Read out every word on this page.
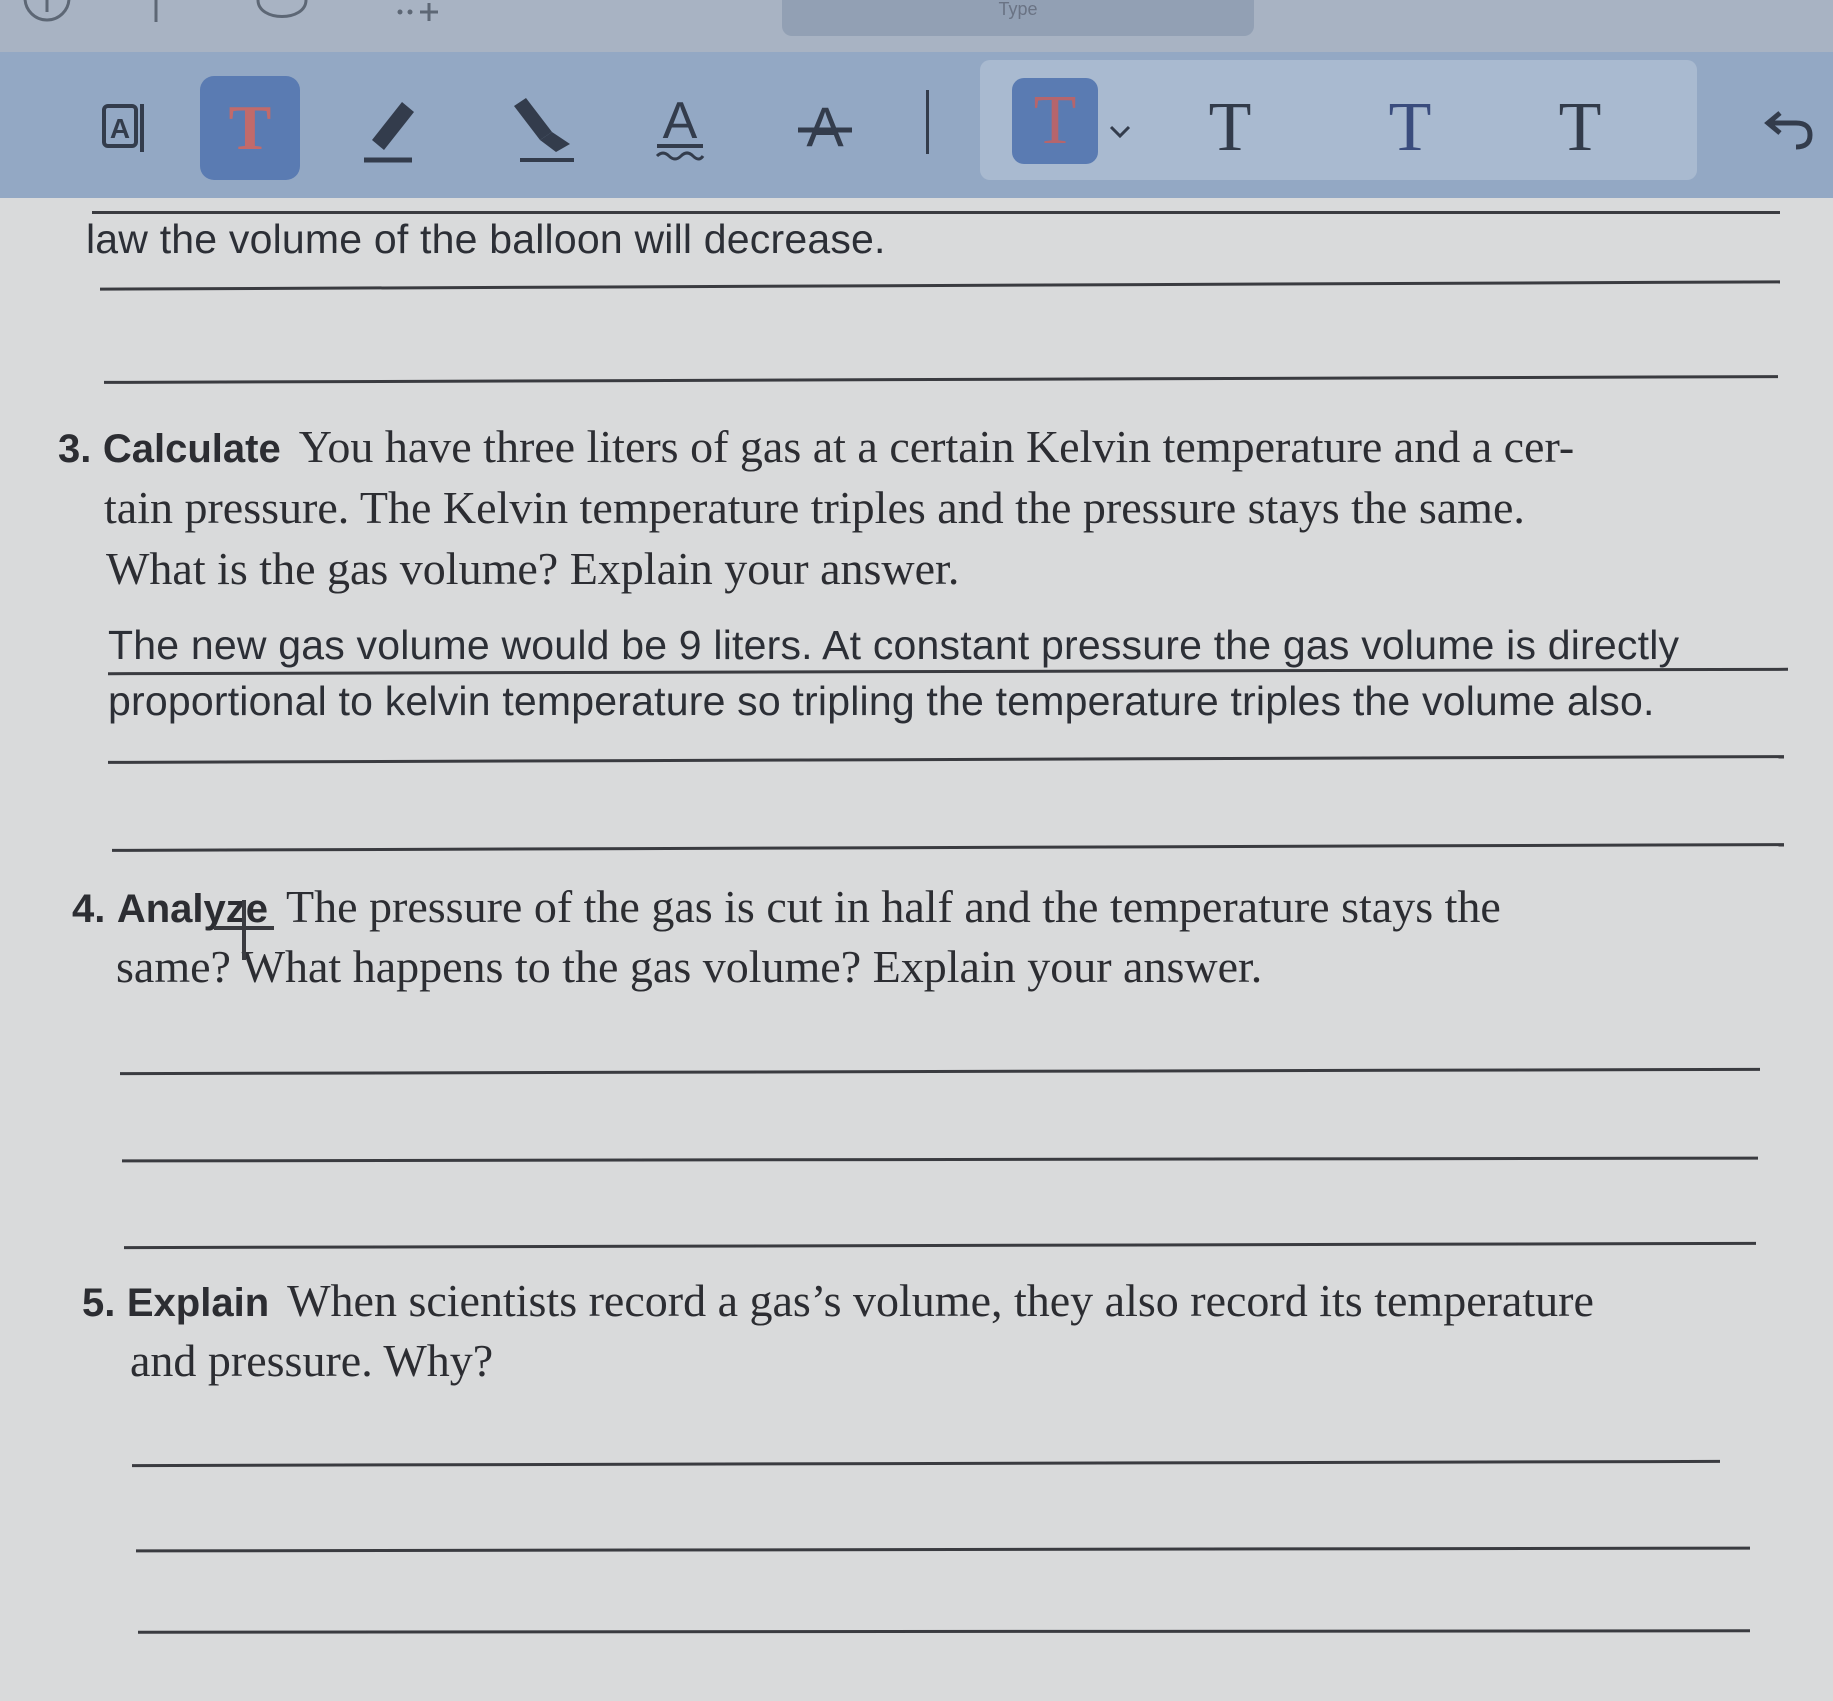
Type
A T	A A	T T T T
law the volume of the balloon will decrease.
3. Calculate You have three liters of gas at a certain Kelvin temperature and a cer-
tain pressure. The Kelvin temperature triples and the pressure stays the same.
What is the gas volume? Explain your answer.
The new gas volume would be 9 liters. At constant pressure the gas volume is directly
proportional to kelvin temperature so tripling the temperature triples the volume also.
4. Analyze The pressure of the gas is cut in half and the temperature stays the
same? What happens to the gas volume? Explain your answer.
5. Explain When scientists record a gas’s volume, they also record its temperature
and pressure. Why?
